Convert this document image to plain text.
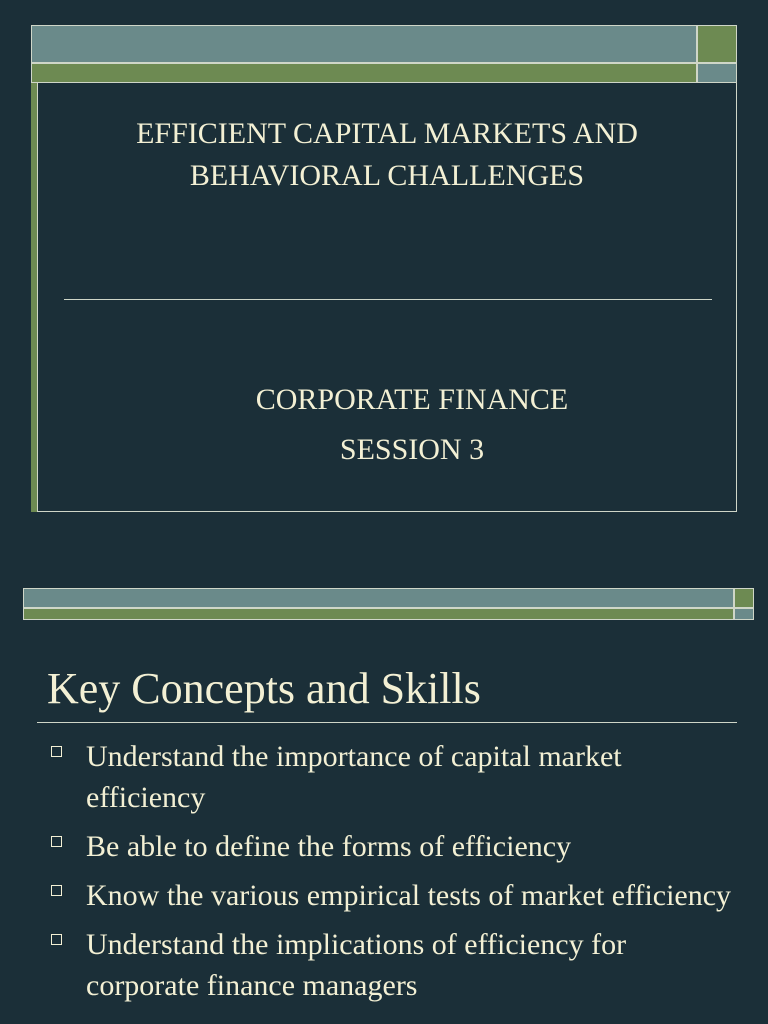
EFFICIENT CAPITAL MARKETS AND
BEHAVIORAL CHALLENGES
CORPORATE FINANCE
SESSION 3
Key Concepts and Skills
Understand the importance of capital market efficiency
Be able to define the forms of efficiency
Know the various empirical tests of market efficiency
Understand the implications of efficiency for corporate finance managers
